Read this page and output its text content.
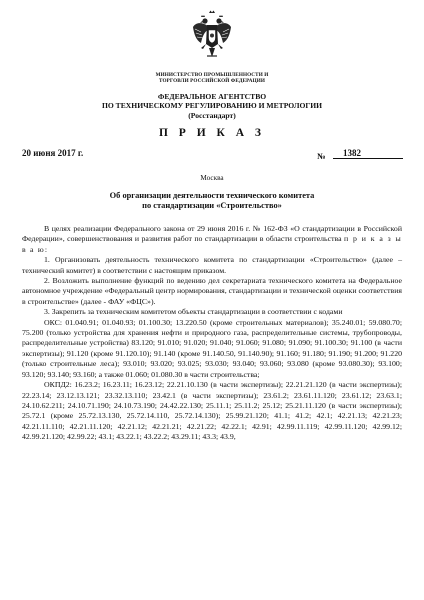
МИНИСТЕРСТВО ПРОМЫШЛЕННОСТИ И ТОРГОВЛИ РОССИЙСКОЙ ФЕДЕРАЦИИ
ФЕДЕРАЛЬНОЕ АГЕНТСТВО
ПО ТЕХНИЧЕСКОМУ РЕГУЛИРОВАНИЮ И МЕТРОЛОГИИ
(Росстандарт)
П Р И К А З
20 июня 2017 г.	№	1382
Москва
Об организации деятельности технического комитета
по стандартизации «Строительство»

В целях реализации Федерального закона от 29 июня 2016 г. № 162-ФЗ «О стандартизации в Российской Федерации», совершенствования и развития работ по стандартизации в области строительства п р и к а з ы в а ю:

1. Организовать деятельность технического комитета по стандартизации «Строительство» (далее – технический комитет) в соответствии с настоящим приказом.

2. Возложить выполнение функций по ведению дел секретариата технического комитета на Федеральное автономное учреждение «Федеральный центр нормирования, стандартизации и технической оценки соответствия в строительстве» (далее - ФАУ «ФЦС»).

3. Закрепить за техническим комитетом объекты стандартизации в соответствии с кодами

ОКС: 01.040.91; 01.040.93; 01.100.30; 13.220.50 (кроме строительных материалов); 35.240.01; 59.080.70; 75.200 (только устройства для хранения нефти и природного газа, распределительные системы, трубопроводы, распределительные устройства) 83.120; 91.010; 91.020; 91.040; 91.060; 91.080; 91.090; 91.100.30; 91.100 (в части экспертизы); 91.120 (кроме 91.120.10); 91.140 (кроме 91.140.50, 91.140.90); 91.160; 91.180; 91.190; 91.200; 91.220 (только строительные леса); 93.010; 93.020; 93.025; 93.030; 93.040; 93.060; 93.080 (кроме 93.080.30); 93.100; 93.120; 93.140; 93.160; а также 01.060; 01.080.30 в части строительства;

ОКПД2: 16.23.2; 16.23.11; 16.23.12; 22.21.10.130 (в части экспертизы); 22.21.21.120 (в части экспертизы); 22.23.14; 23.12.13.121; 23.32.13.110; 23.42.1 (в части экспертизы); 23.61.2; 23.61.11.120; 23.61.12; 23.63.1; 24.10.62.211; 24.10.71.190; 24.10.73.190; 24.42.22.130; 25.11.1; 25.11.2; 25.12; 25.21.11.120 (в части экспертизы); 25.72.1 (кроме 25.72.13.130, 25.72.14.110, 25.72.14.130); 25.99.21.120; 41.1; 41.2; 42.1; 42.21.13; 42.21.23; 42.21.11.110; 42.21.11.120; 42.21.12; 42.21.21; 42.21.22; 42.22.1; 42.91; 42.99.11.119; 42.99.11.120; 42.99.12; 42.99.21.120; 42.99.22; 43.1; 43.22.1; 43.22.2; 43.29.11; 43.3; 43.9,
